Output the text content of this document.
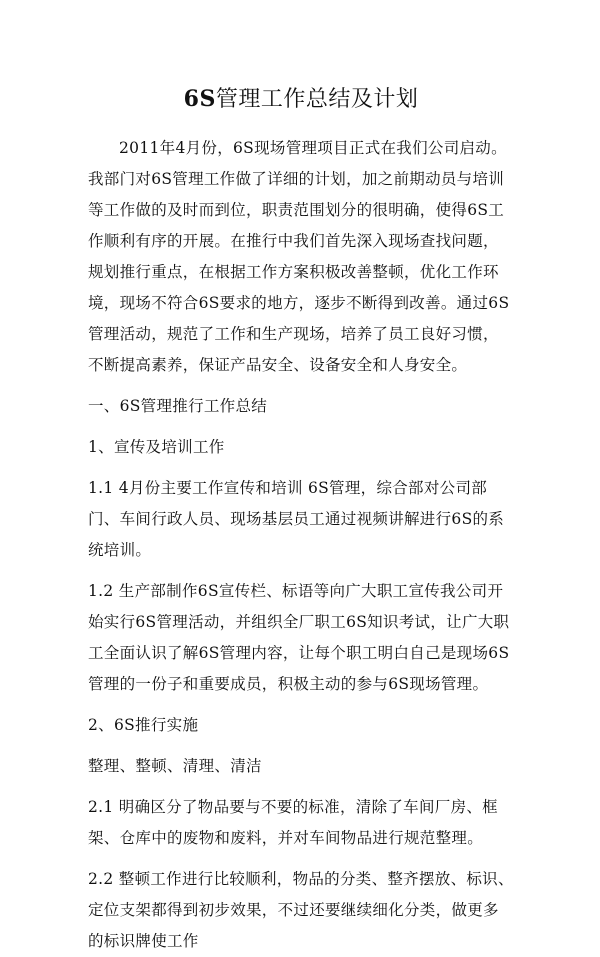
6S管理工作总结及计划

2011年4月份，6S现场管理项目正式在我们公司启动。我部门对6S管理工作做了详细的计划，加之前期动员与培训等工作做的及时而到位，职责范围划分的很明确，使得6S工作顺利有序的开展。在推行中我们首先深入现场查找问题，规划推行重点，在根据工作方案积极改善整顿，优化工作环境，现场不符合6S要求的地方，逐步不断得到改善。通过6S管理活动，规范了工作和生产现场，培养了员工良好习惯，不断提高素养，保证产品安全、设备安全和人身安全。

一、6S管理推行工作总结

1、宣传及培训工作

1.1 4月份主要工作宣传和培训 6S管理，综合部对公司部门、车间行政人员、现场基层员工通过视频讲解进行6S的系统培训。

1.2 生产部制作6S宣传栏、标语等向广大职工宣传我公司开始实行6S管理活动，并组织全厂职工6S知识考试，让广大职工全面认识了解6S管理内容，让每个职工明白自己是现场6S管理的一份子和重要成员，积极主动的参与6S现场管理。

2、6S推行实施

整理、整顿、清理、清洁

2.1 明确区分了物品要与不要的标准，清除了车间厂房、框架、仓库中的废物和废料，并对车间物品进行规范整理。

2.2 整顿工作进行比较顺利，物品的分类、整齐摆放、标识、定位支架都得到初步效果，不过还要继续细化分类，做更多的标识牌使工作
